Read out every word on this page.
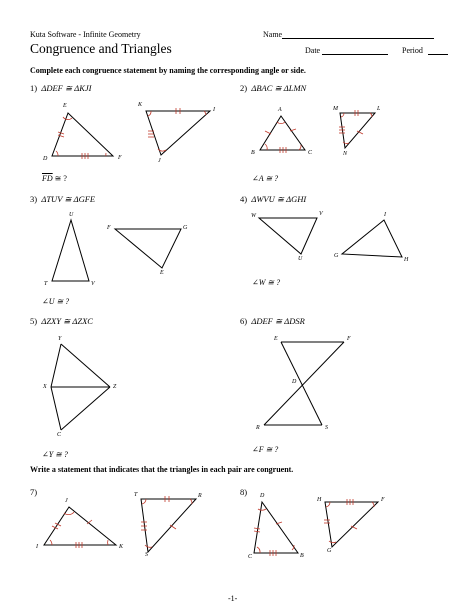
Kuta Software - Infinite Geometry	Name
Congruence and Triangles	Date	Period
Complete each congruence statement by naming the corresponding angle or side.
1) ΔDEF ≅ ΔKJI	2) ΔBAC ≅ ΔLMN
$\overline{FD}$ ≅ ?	∠A ≅ ?
3) ΔTUV ≅ ΔGFE	4) ΔWVU ≅ ΔGHI
∠U ≅ ?
∠W ≅ ?
5) ΔZXY ≅ ΔZXC	6) ΔDEF ≅ ΔDSR
∠Y ≅ ?
∠F ≅ ?
Write a statement that indicates that the triangles in each pair are congruent.
7)	8)
E
D	F
K
I
J
A
B	C
M	L
N
U
T	V
F	G
E
W	V
U
I
G
H
Y
X	Z
C
E	F
D
R	S
J
I	K
T	R
S
D
C	B
H	F
G
-1-
